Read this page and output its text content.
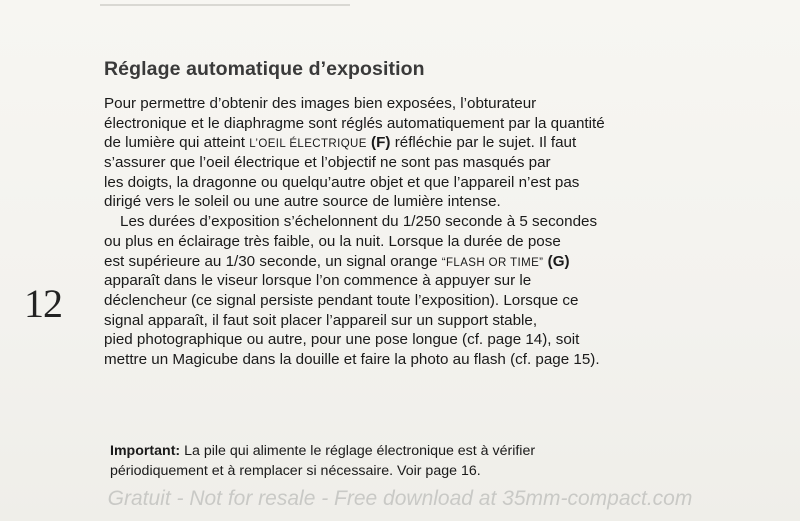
Réglage automatique d’exposition
Pour permettre d’obtenir des images bien exposées, l’obturateur
électronique et le diaphragme sont réglés automatiquement par la quantité
de lumière qui atteint L’OEIL ÉLECTRIQUE (F) réfléchie par le sujet. Il faut
s’assurer que l’oeil électrique et l’objectif ne sont pas masqués par
les doigts, la dragonne ou quelqu’autre objet et que l’appareil n’est pas
dirigé vers le soleil ou une autre source de lumière intense.
Les durées d’exposition s’échelonnent du 1/250 seconde à 5 secondes
ou plus en éclairage très faible, ou la nuit. Lorsque la durée de pose
est supérieure au 1/30 seconde, un signal orange “FLASH OR TIME” (G)
apparaît dans le viseur lorsque l’on commence à appuyer sur le
déclencheur (ce signal persiste pendant toute l’exposition). Lorsque ce
signal apparaît, il faut soit placer l’appareil sur un support stable,
pied photographique ou autre, pour une pose longue (cf. page 14), soit
mettre un Magicube dans la douille et faire la photo au flash (cf. page 15).
12
Important: La pile qui alimente le réglage électronique est à vérifier
périodiquement et à remplacer si nécessaire. Voir page 16.
Gratuit - Not for resale - Free download at 35mm-compact.com
